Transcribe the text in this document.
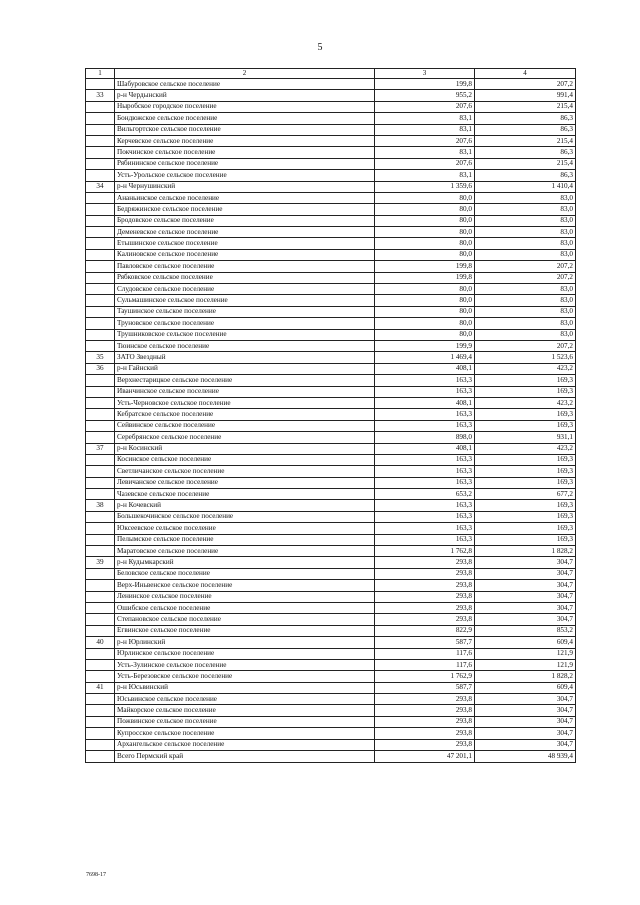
5
1	2	3	4
	Шабуровское сельское поселение	199,8	207,2
33	р-н Чердынский	955,2	991,4
	Ныробское городское поселение	207,6	215,4
	Бондюжское сельское поселение	83,1	86,3
	Вильгортское сельское поселение	83,1	86,3
	Керчевское сельское поселение	207,6	215,4
	Покчинское сельское поселение	83,1	86,3
	Рябининское сельское поселение	207,6	215,4
	Усть-Урольское сельское поселение	83,1	86,3
34	р-н Чернушинский	1 359,6	1 410,4
	Ананьинское сельское поселение	80,0	83,0
	Бедряжинское сельское поселение	80,0	83,0
	Бродовское сельское поселение	80,0	83,0
	Деменевское сельское поселение	80,0	83,0
	Етышинское сельское поселение	80,0	83,0
	Калиновское сельское поселение	80,0	83,0
	Павловское сельское поселение	199,8	207,2
	Рябковское сельское поселение	199,8	207,2
	Слудовское сельское поселение	80,0	83,0
	Сульмашинское сельское поселение	80,0	83,0
	Таушинское сельское поселение	80,0	83,0
	Труновское сельское поселение	80,0	83,0
	Трушниковское сельское поселение	80,0	83,0
	Тюинское сельское поселение	199,9	207,2
35	ЗАТО Звездный	1 469,4	1 523,6
36	р-н Гайнский	408,1	423,2
	Верхнестарицкое сельское поселение	163,3	169,3
	Иванчинское сельское поселение	163,3	169,3
	Усть-Черновское сельское поселение	408,1	423,2
	Кебратское сельское поселение	163,3	169,3
	Сейвинское сельское поселение	163,3	169,3
	Серебрянское сельское поселение	898,0	931,1
37	р-н Косинский	408,1	423,2
	Косинское сельское поселение	163,3	169,3
	Светличанское сельское поселение	163,3	169,3
	Левичанское сельское поселение	163,3	169,3
	Чазевское сельское поселение	653,2	677,2
38	р-н Кочевский	163,3	169,3
	Большекочинское сельское поселение	163,3	169,3
	Юксеевское сельское поселение	163,3	169,3
	Пелымское сельское поселение	163,3	169,3
	Маратовское сельское поселение	1 762,8	1 828,2
39	р-н Кудымкарский	293,8	304,7
	Беловское сельское поселение	293,8	304,7
	Верх-Иньвенское сельское поселение	293,8	304,7
	Ленинское сельское поселение	293,8	304,7
	Ошибское сельское поселение	293,8	304,7
	Степановское сельское поселение	293,8	304,7
	Егвинское сельское поселение	822,9	853,2
40	р-н Юрлинский	587,7	609,4
	Юрлинское сельское поселение	117,6	121,9
	Усть-Зулинское сельское поселение	117,6	121,9
	Усть-Березовское сельское поселение	1 762,9	1 828,2
41	р-н Юсьвинский	587,7	609,4
	Юсьвинское сельское поселение	293,8	304,7
	Майкорское сельское поселение	293,8	304,7
	Пожвинское сельское поселение	293,8	304,7
	Купросское сельское поселение	293,8	304,7
	Архангельское сельское поселение	293,8	304,7
	Всего Пермский край	47 201,1	48 939,4
7698-17
